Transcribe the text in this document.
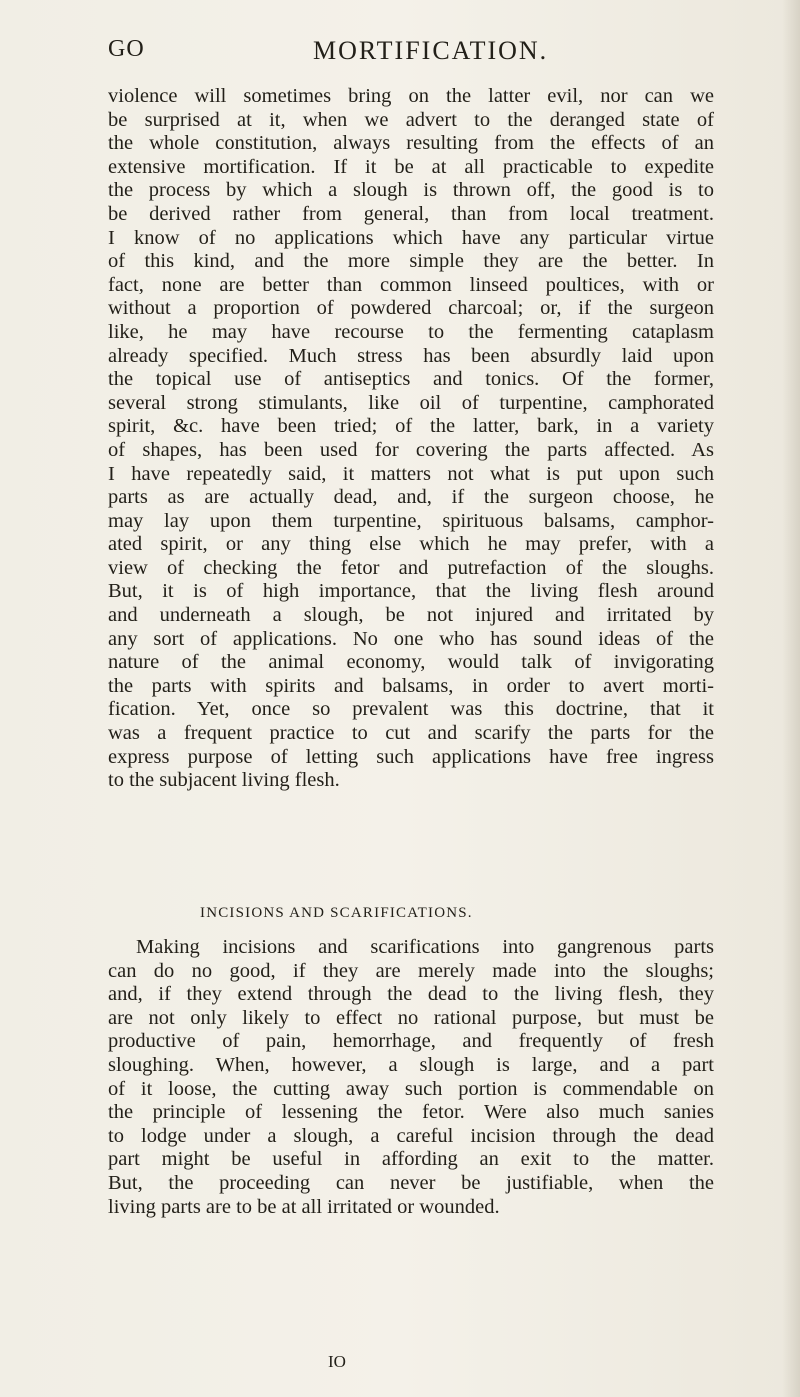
GO	MORTIFICATION.
violence will sometimes bring on the latter evil, nor can we
be surprised at it, when we advert to the deranged state of
the whole constitution, always resulting from the effects of an
extensive mortification. If it be at all practicable to expedite
the process by which a slough is thrown off, the good is to
be derived rather from general, than from local treatment.
I know of no applications which have any particular virtue
of this kind, and the more simple they are the better. In
fact, none are better than common linseed poultices, with or
without a proportion of powdered charcoal; or, if the surgeon
like, he may have recourse to the fermenting cataplasm
already specified. Much stress has been absurdly laid upon
the topical use of antiseptics and tonics. Of the former,
several strong stimulants, like oil of turpentine, camphorated
spirit, &c. have been tried; of the latter, bark, in a variety
of shapes, has been used for covering the parts affected. As
I have repeatedly said, it matters not what is put upon such
parts as are actually dead, and, if the surgeon choose, he
may lay upon them turpentine, spirituous balsams, camphor-
ated spirit, or any thing else which he may prefer, with a
view of checking the fetor and putrefaction of the sloughs.
But, it is of high importance, that the living flesh around
and underneath a slough, be not injured and irritated by
any sort of applications. No one who has sound ideas of the
nature of the animal economy, would talk of invigorating
the parts with spirits and balsams, in order to avert morti-
fication. Yet, once so prevalent was this doctrine, that it
was a frequent practice to cut and scarify the parts for the
express purpose of letting such applications have free ingress
to the subjacent living flesh.
INCISIONS AND SCARIFICATIONS.
Making incisions and scarifications into gangrenous parts
can do no good, if they are merely made into the sloughs;
and, if they extend through the dead to the living flesh, they
are not only likely to effect no rational purpose, but must be
productive of pain, hemorrhage, and frequently of fresh
sloughing. When, however, a slough is large, and a part
of it loose, the cutting away such portion is commendable on
the principle of lessening the fetor. Were also much sanies
to lodge under a slough, a careful incision through the dead
part might be useful in affording an exit to the matter.
But, the proceeding can never be justifiable, when the
living parts are to be at all irritated or wounded.
IO
